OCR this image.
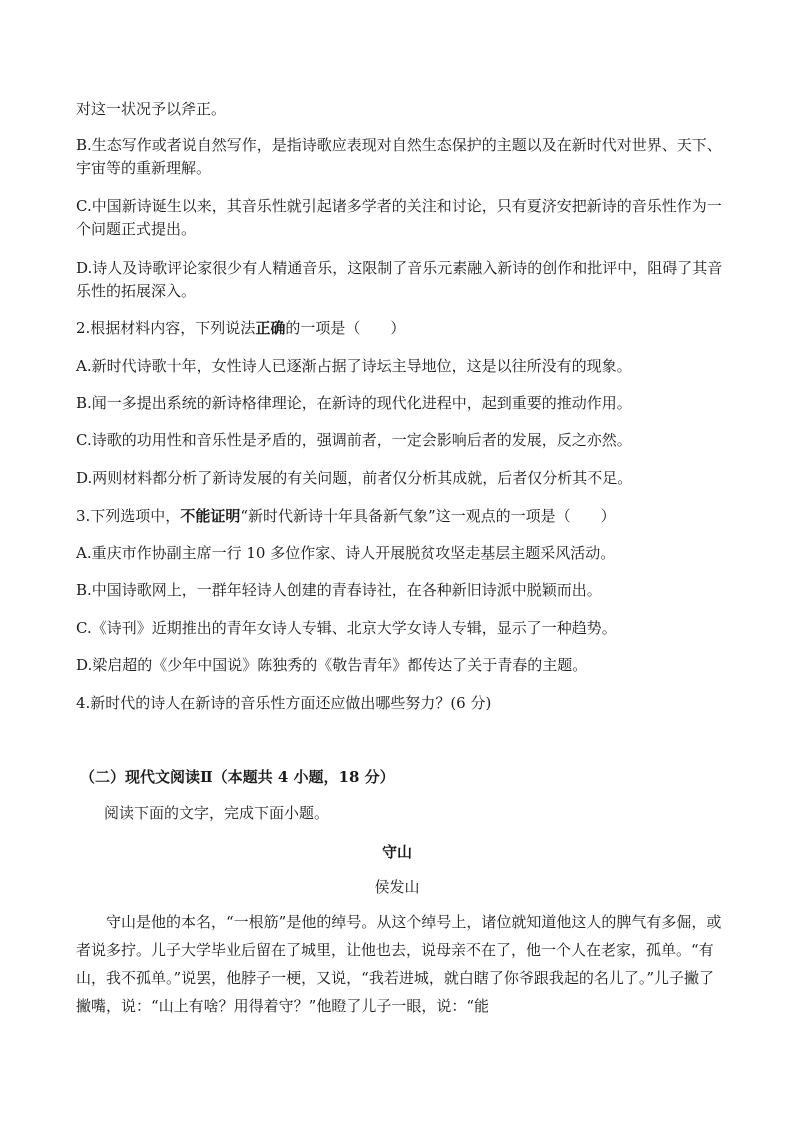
对这一状况予以斧正。
B.生态写作或者说自然写作，是指诗歌应表现对自然生态保护的主题以及在新时代对世界、天下、宇宙等的重新理解。
C.中国新诗诞生以来，其音乐性就引起诸多学者的关注和讨论，只有夏济安把新诗的音乐性作为一个问题正式提出。
D.诗人及诗歌评论家很少有人精通音乐，这限制了音乐元素融入新诗的创作和批评中，阻碍了其音乐性的拓展深入。
2.根据材料内容，下列说法正确的一项是（　　）
A.新时代诗歌十年，女性诗人已逐渐占据了诗坛主导地位，这是以往所没有的现象。
B.闻一多提出系统的新诗格律理论，在新诗的现代化进程中，起到重要的推动作用。
C.诗歌的功用性和音乐性是矛盾的，强调前者，一定会影响后者的发展，反之亦然。
D.两则材料都分析了新诗发展的有关问题，前者仅分析其成就，后者仅分析其不足。
3.下列选项中，不能证明“新时代新诗十年具备新气象”这一观点的一项是（　　）
A.重庆市作协副主席一行 10 多位作家、诗人开展脱贫攻坚走基层主题采风活动。
B.中国诗歌网上，一群年轻诗人创建的青春诗社，在各种新旧诗派中脱颖而出。
C.《诗刊》近期推出的青年女诗人专辑、北京大学女诗人专辑，显示了一种趋势。
D.梁启超的《少年中国说》陈独秀的《敬告青年》都传达了关于青春的主题。
4.新时代的诗人在新诗的音乐性方面还应做出哪些努力？(6 分)
（二）现代文阅读Ⅱ（本题共 4 小题，18 分）
阅读下面的文字，完成下面小题。
守山
侯发山
守山是他的本名，“一根筋”是他的绰号。从这个绰号上，诸位就知道他这人的脾气有多倔，或者说多拧。儿子大学毕业后留在了城里，让他也去，说母亲不在了，他一个人在老家，孤单。“有山，我不孤单。”说罢，他脖子一梗，又说，“我若进城，就白瞎了你爷跟我起的名儿了。”儿子撇了撇嘴，说：“山上有啥？用得着守？”他瞪了儿子一眼，说：“能
